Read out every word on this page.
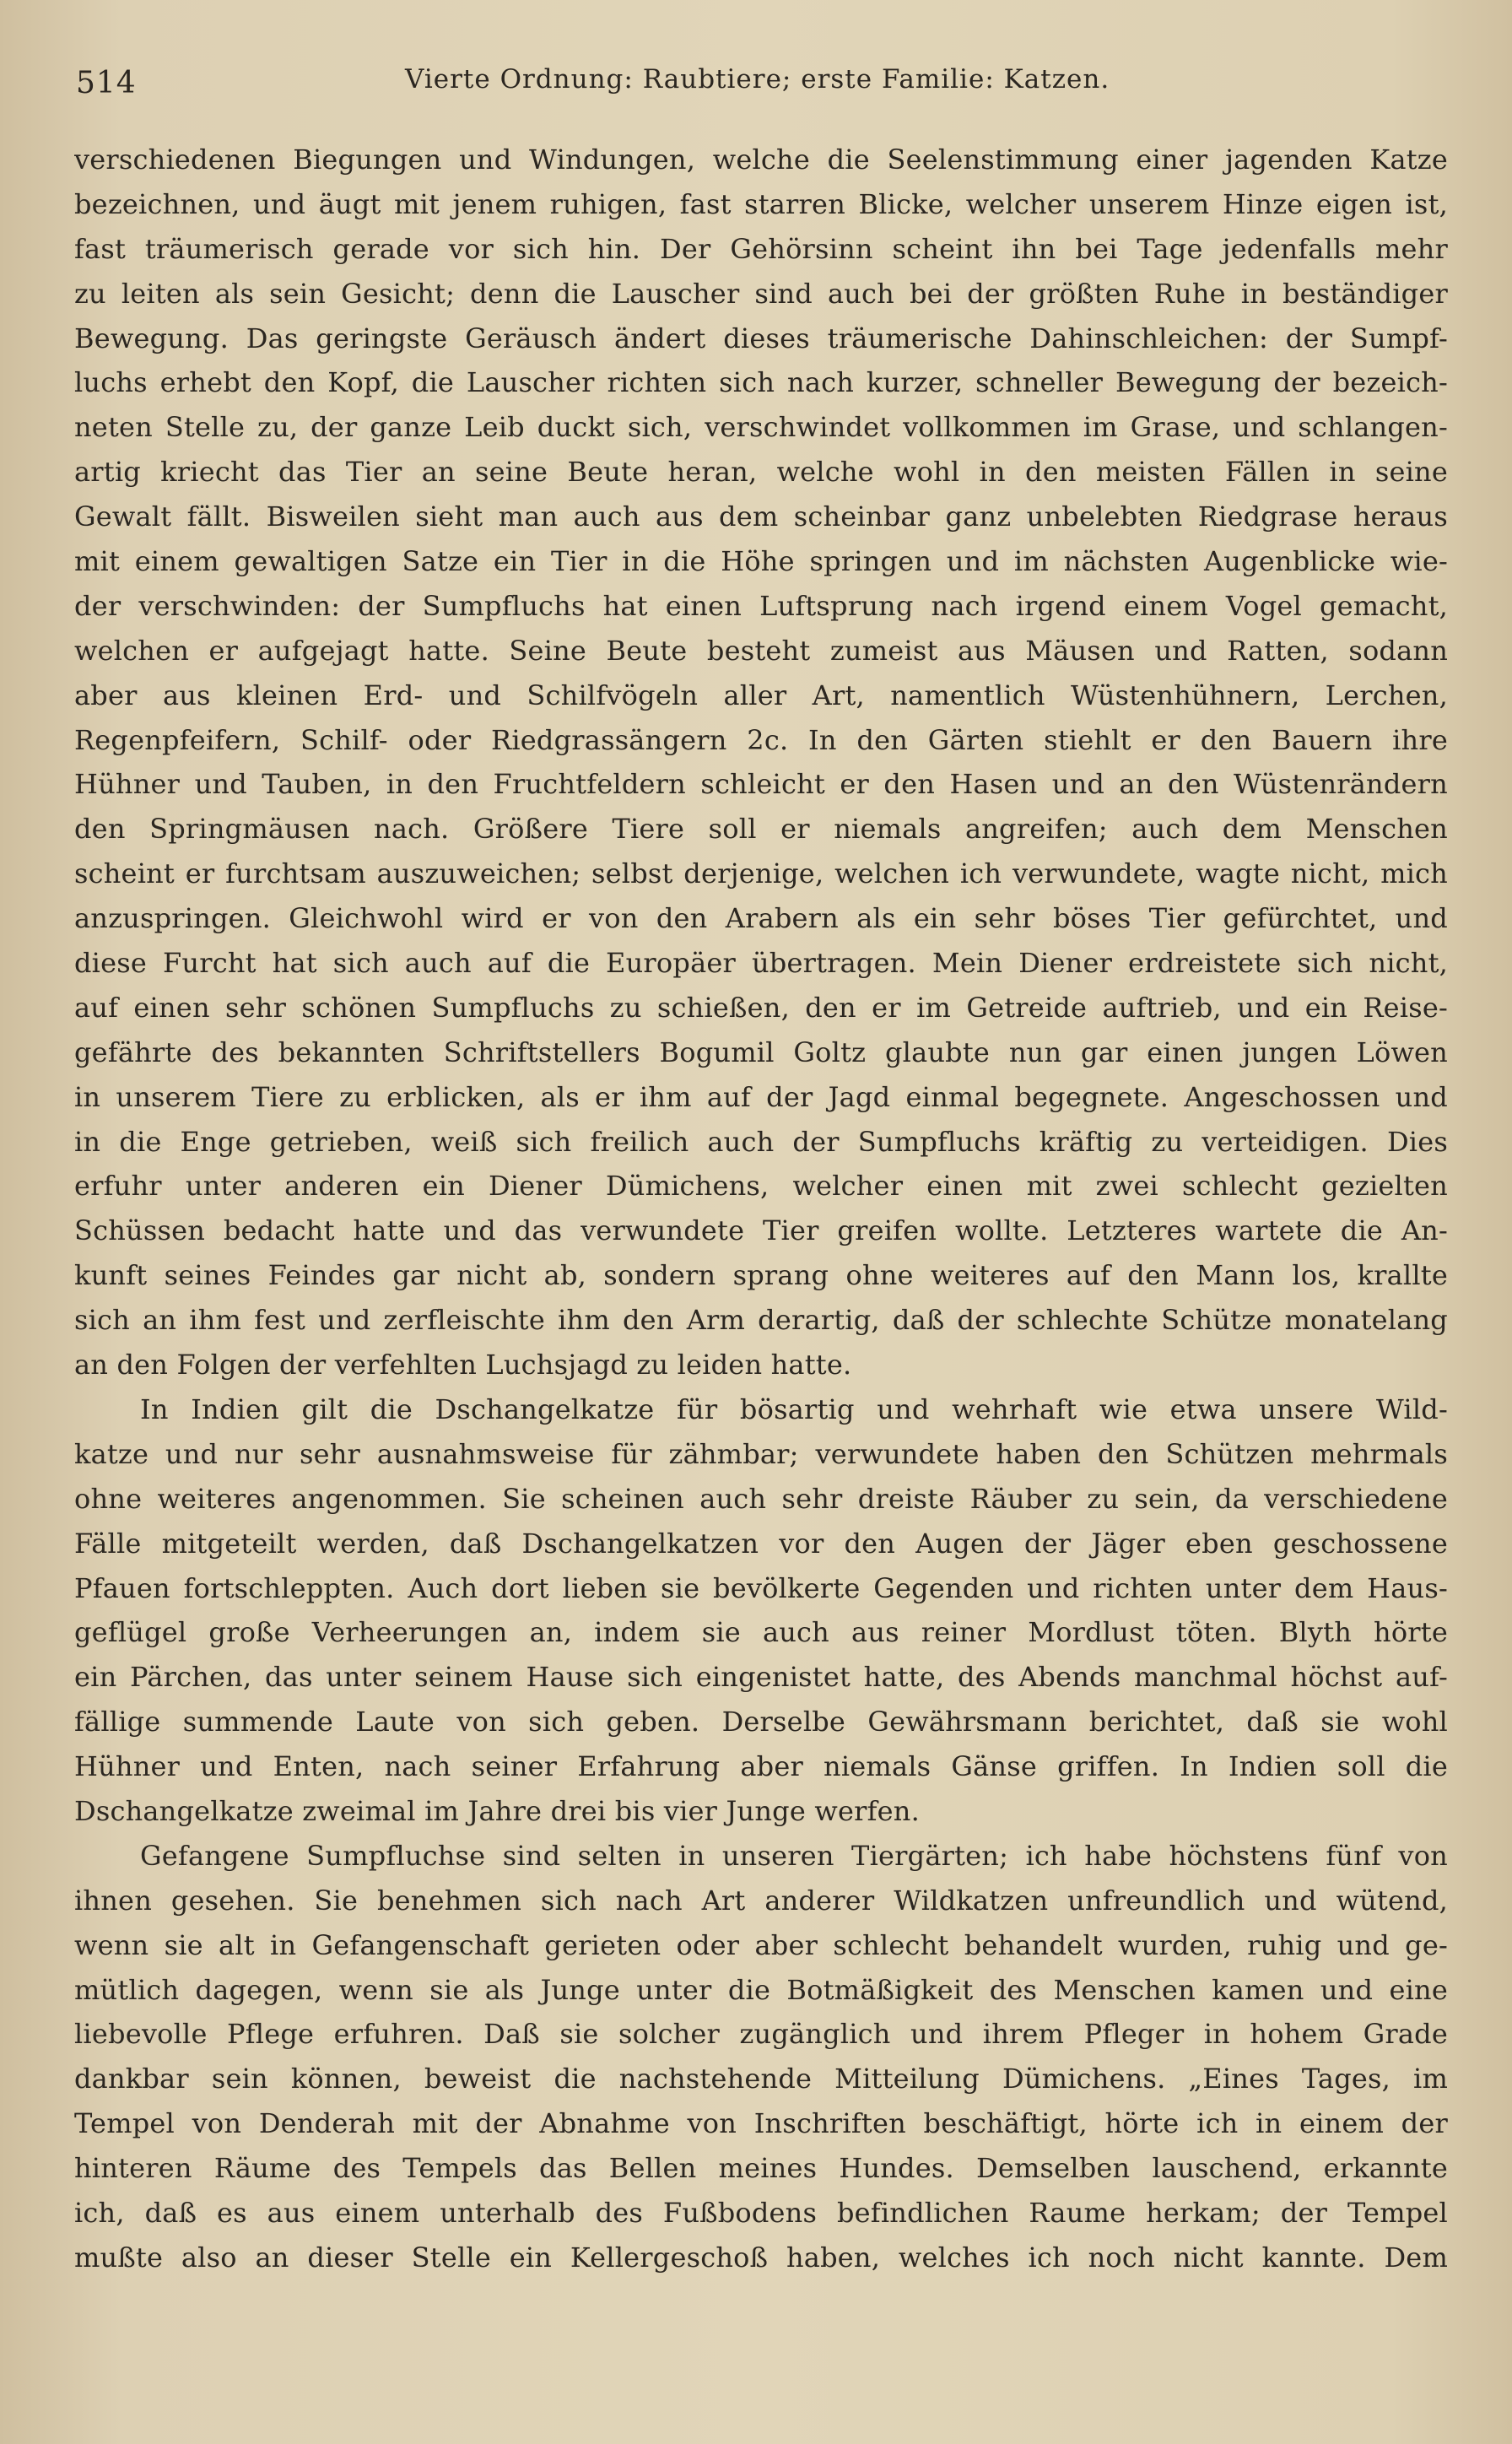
514	Vierte Ordnung: Raubtiere; erste Familie: Katzen.
verschiedenen Biegungen und Windungen, welche die Seelenstimmung einer jagenden Katze
bezeichnen, und äugt mit jenem ruhigen, fast starren Blicke, welcher unserem Hinze eigen ist,
fast träumerisch gerade vor sich hin. Der Gehörsinn scheint ihn bei Tage jedenfalls mehr
zu leiten als sein Gesicht; denn die Lauscher sind auch bei der größten Ruhe in beständiger
Bewegung. Das geringste Geräusch ändert dieses träumerische Dahinschleichen: der Sumpf-
luchs erhebt den Kopf, die Lauscher richten sich nach kurzer, schneller Bewegung der bezeich-
neten Stelle zu, der ganze Leib duckt sich, verschwindet vollkommen im Grase, und schlangen-
artig kriecht das Tier an seine Beute heran, welche wohl in den meisten Fällen in seine
Gewalt fällt. Bisweilen sieht man auch aus dem scheinbar ganz unbelebten Riedgrase heraus
mit einem gewaltigen Satze ein Tier in die Höhe springen und im nächsten Augenblicke wie-
der verschwinden: der Sumpfluchs hat einen Luftsprung nach irgend einem Vogel gemacht,
welchen er aufgejagt hatte. Seine Beute besteht zumeist aus Mäusen und Ratten, sodann
aber aus kleinen Erd- und Schilfvögeln aller Art, namentlich Wüstenhühnern, Lerchen,
Regenpfeifern, Schilf- oder Riedgrassängern 2c. In den Gärten stiehlt er den Bauern ihre
Hühner und Tauben, in den Fruchtfeldern schleicht er den Hasen und an den Wüstenrändern
den Springmäusen nach. Größere Tiere soll er niemals angreifen; auch dem Menschen
scheint er furchtsam auszuweichen; selbst derjenige, welchen ich verwundete, wagte nicht, mich
anzuspringen. Gleichwohl wird er von den Arabern als ein sehr böses Tier gefürchtet, und
diese Furcht hat sich auch auf die Europäer übertragen. Mein Diener erdreistete sich nicht,
auf einen sehr schönen Sumpfluchs zu schießen, den er im Getreide auftrieb, und ein Reise-
gefährte des bekannten Schriftstellers Bogumil Goltz glaubte nun gar einen jungen Löwen
in unserem Tiere zu erblicken, als er ihm auf der Jagd einmal begegnete. Angeschossen und
in die Enge getrieben, weiß sich freilich auch der Sumpfluchs kräftig zu verteidigen. Dies
erfuhr unter anderen ein Diener Dümichens, welcher einen mit zwei schlecht gezielten
Schüssen bedacht hatte und das verwundete Tier greifen wollte. Letzteres wartete die An-
kunft seines Feindes gar nicht ab, sondern sprang ohne weiteres auf den Mann los, krallte
sich an ihm fest und zerfleischte ihm den Arm derartig, daß der schlechte Schütze monatelang
an den Folgen der verfehlten Luchsjagd zu leiden hatte.
In Indien gilt die Dschangelkatze für bösartig und wehrhaft wie etwa unsere Wild-
katze und nur sehr ausnahmsweise für zähmbar; verwundete haben den Schützen mehrmals
ohne weiteres angenommen. Sie scheinen auch sehr dreiste Räuber zu sein, da verschiedene
Fälle mitgeteilt werden, daß Dschangelkatzen vor den Augen der Jäger eben geschossene
Pfauen fortschleppten. Auch dort lieben sie bevölkerte Gegenden und richten unter dem Haus-
geflügel große Verheerungen an, indem sie auch aus reiner Mordlust töten. Blyth hörte
ein Pärchen, das unter seinem Hause sich eingenistet hatte, des Abends manchmal höchst auf-
fällige summende Laute von sich geben. Derselbe Gewährsmann berichtet, daß sie wohl
Hühner und Enten, nach seiner Erfahrung aber niemals Gänse griffen. In Indien soll die
Dschangelkatze zweimal im Jahre drei bis vier Junge werfen.
Gefangene Sumpfluchse sind selten in unseren Tiergärten; ich habe höchstens fünf von
ihnen gesehen. Sie benehmen sich nach Art anderer Wildkatzen unfreundlich und wütend,
wenn sie alt in Gefangenschaft gerieten oder aber schlecht behandelt wurden, ruhig und ge-
mütlich dagegen, wenn sie als Junge unter die Botmäßigkeit des Menschen kamen und eine
liebevolle Pflege erfuhren. Daß sie solcher zugänglich und ihrem Pfleger in hohem Grade
dankbar sein können, beweist die nachstehende Mitteilung Dümichens. „Eines Tages, im
Tempel von Denderah mit der Abnahme von Inschriften beschäftigt, hörte ich in einem der
hinteren Räume des Tempels das Bellen meines Hundes. Demselben lauschend, erkannte
ich, daß es aus einem unterhalb des Fußbodens befindlichen Raume herkam; der Tempel
mußte also an dieser Stelle ein Kellergeschoß haben, welches ich noch nicht kannte. Dem
